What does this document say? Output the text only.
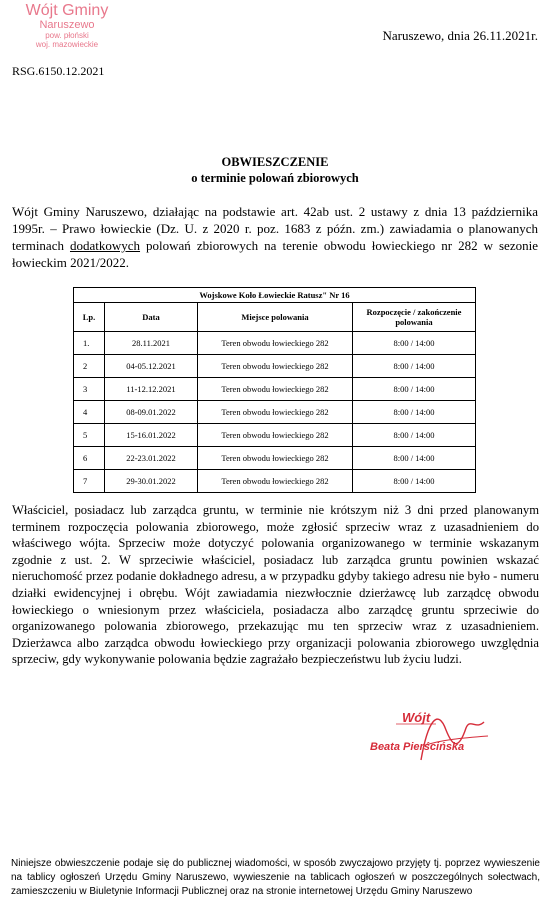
Wójt Gminy
Naruszewo
pow. płoński
woj. mazowieckie
Naruszewo, dnia 26.11.2021r.
RSG.6150.12.2021
OBWIESZCZENIE
o terminie polowań zbiorowych

Wójt Gminy Naruszewo, działając na podstawie art. 42ab ust. 2 ustawy z dnia 13 października 1995r. – Prawo łowieckie (Dz. U. z 2020 r. poz. 1683 z późn. zm.) zawiadamia o planowanych terminach dodatkowych polowań zbiorowych na terenie obwodu łowieckiego nr 282 w sezonie łowieckim 2021/2022.

Wojskowe Koło Łowieckie Ratusz" Nr 16			
Lp.	Data	Miejsce polowania	Rozpoczęcie / zakończenie polowania
1.	28.11.2021	Teren obwodu łowieckiego 282	8:00 / 14:00
2	04-05.12.2021	Teren obwodu łowieckiego 282	8:00 / 14:00
3	11-12.12.2021	Teren obwodu łowieckiego 282	8:00 / 14:00
4	08-09.01.2022	Teren obwodu łowieckiego 282	8:00 / 14:00
5	15-16.01.2022	Teren obwodu łowieckiego 282	8:00 / 14:00
6	22-23.01.2022	Teren obwodu łowieckiego 282	8:00 / 14:00
7	29-30.01.2022	Teren obwodu łowieckiego 282	8:00 / 14:00

Właściciel, posiadacz lub zarządca gruntu, w terminie nie krótszym niż 3 dni przed planowanym terminem rozpoczęcia polowania zbiorowego, może zgłosić sprzeciw wraz z uzasadnieniem do właściwego wójta. Sprzeciw może dotyczyć polowania organizowanego w terminie wskazanym zgodnie z ust. 2. W sprzeciwie właściciel, posiadacz lub zarządca gruntu powinien wskazać nieruchomość przez podanie dokładnego adresu, a w przypadku gdyby takiego adresu nie było - numeru działki ewidencyjnej i obrębu. Wójt zawiadamia niezwłocznie dzierżawcę lub zarządcę obwodu łowieckiego o wniesionym przez właściciela, posiadacza albo zarządcę gruntu sprzeciwie do organizowanego polowania zbiorowego, przekazując mu ten sprzeciw wraz z uzasadnieniem. Dzierżawca albo zarządca obwodu łowieckiego przy organizacji polowania zbiorowego uwzględnia sprzeciw, gdy wykonywanie polowania będzie zagrażało bezpieczeństwu lub życiu ludzi.

Wójt
Beata Pierścińska

Niniejsze obwieszczenie podaje się do publicznej wiadomości, w sposób zwyczajowo przyjęty tj. poprzez wywieszenie na tablicy ogłoszeń Urzędu Gminy Naruszewo, wywieszenie na tablicach ogłoszeń w poszczególnych sołectwach, zamieszczeniu w Biuletynie Informacji Publicznej oraz na stronie internetowej Urzędu Gminy Naruszewo
